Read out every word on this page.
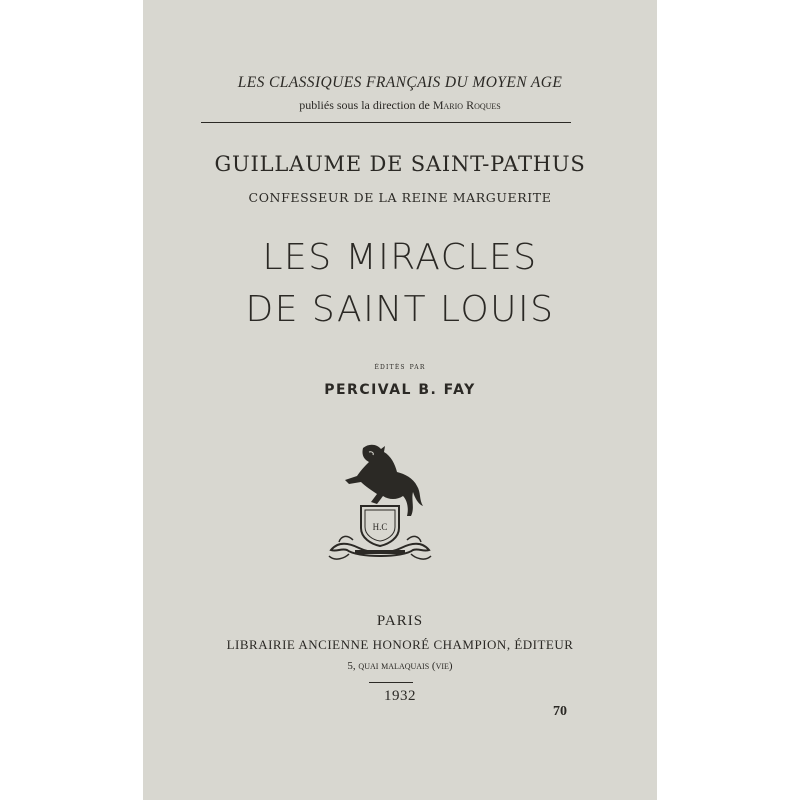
LES CLASSIQUES FRANÇAIS DU MOYEN AGE
publiés sous la direction de Mario Roques
GUILLAUME DE SAINT-PATHUS
CONFESSEUR DE LA REINE MARGUERITE
LES MIRACLES
DE SAINT LOUIS
éditès par
PERCIVAL B. FAY
H.C
PARIS
LIBRAIRIE ANCIENNE HONORÉ CHAMPION, ÉDITEUR
5, quai malaquais (vie)
1932
70
